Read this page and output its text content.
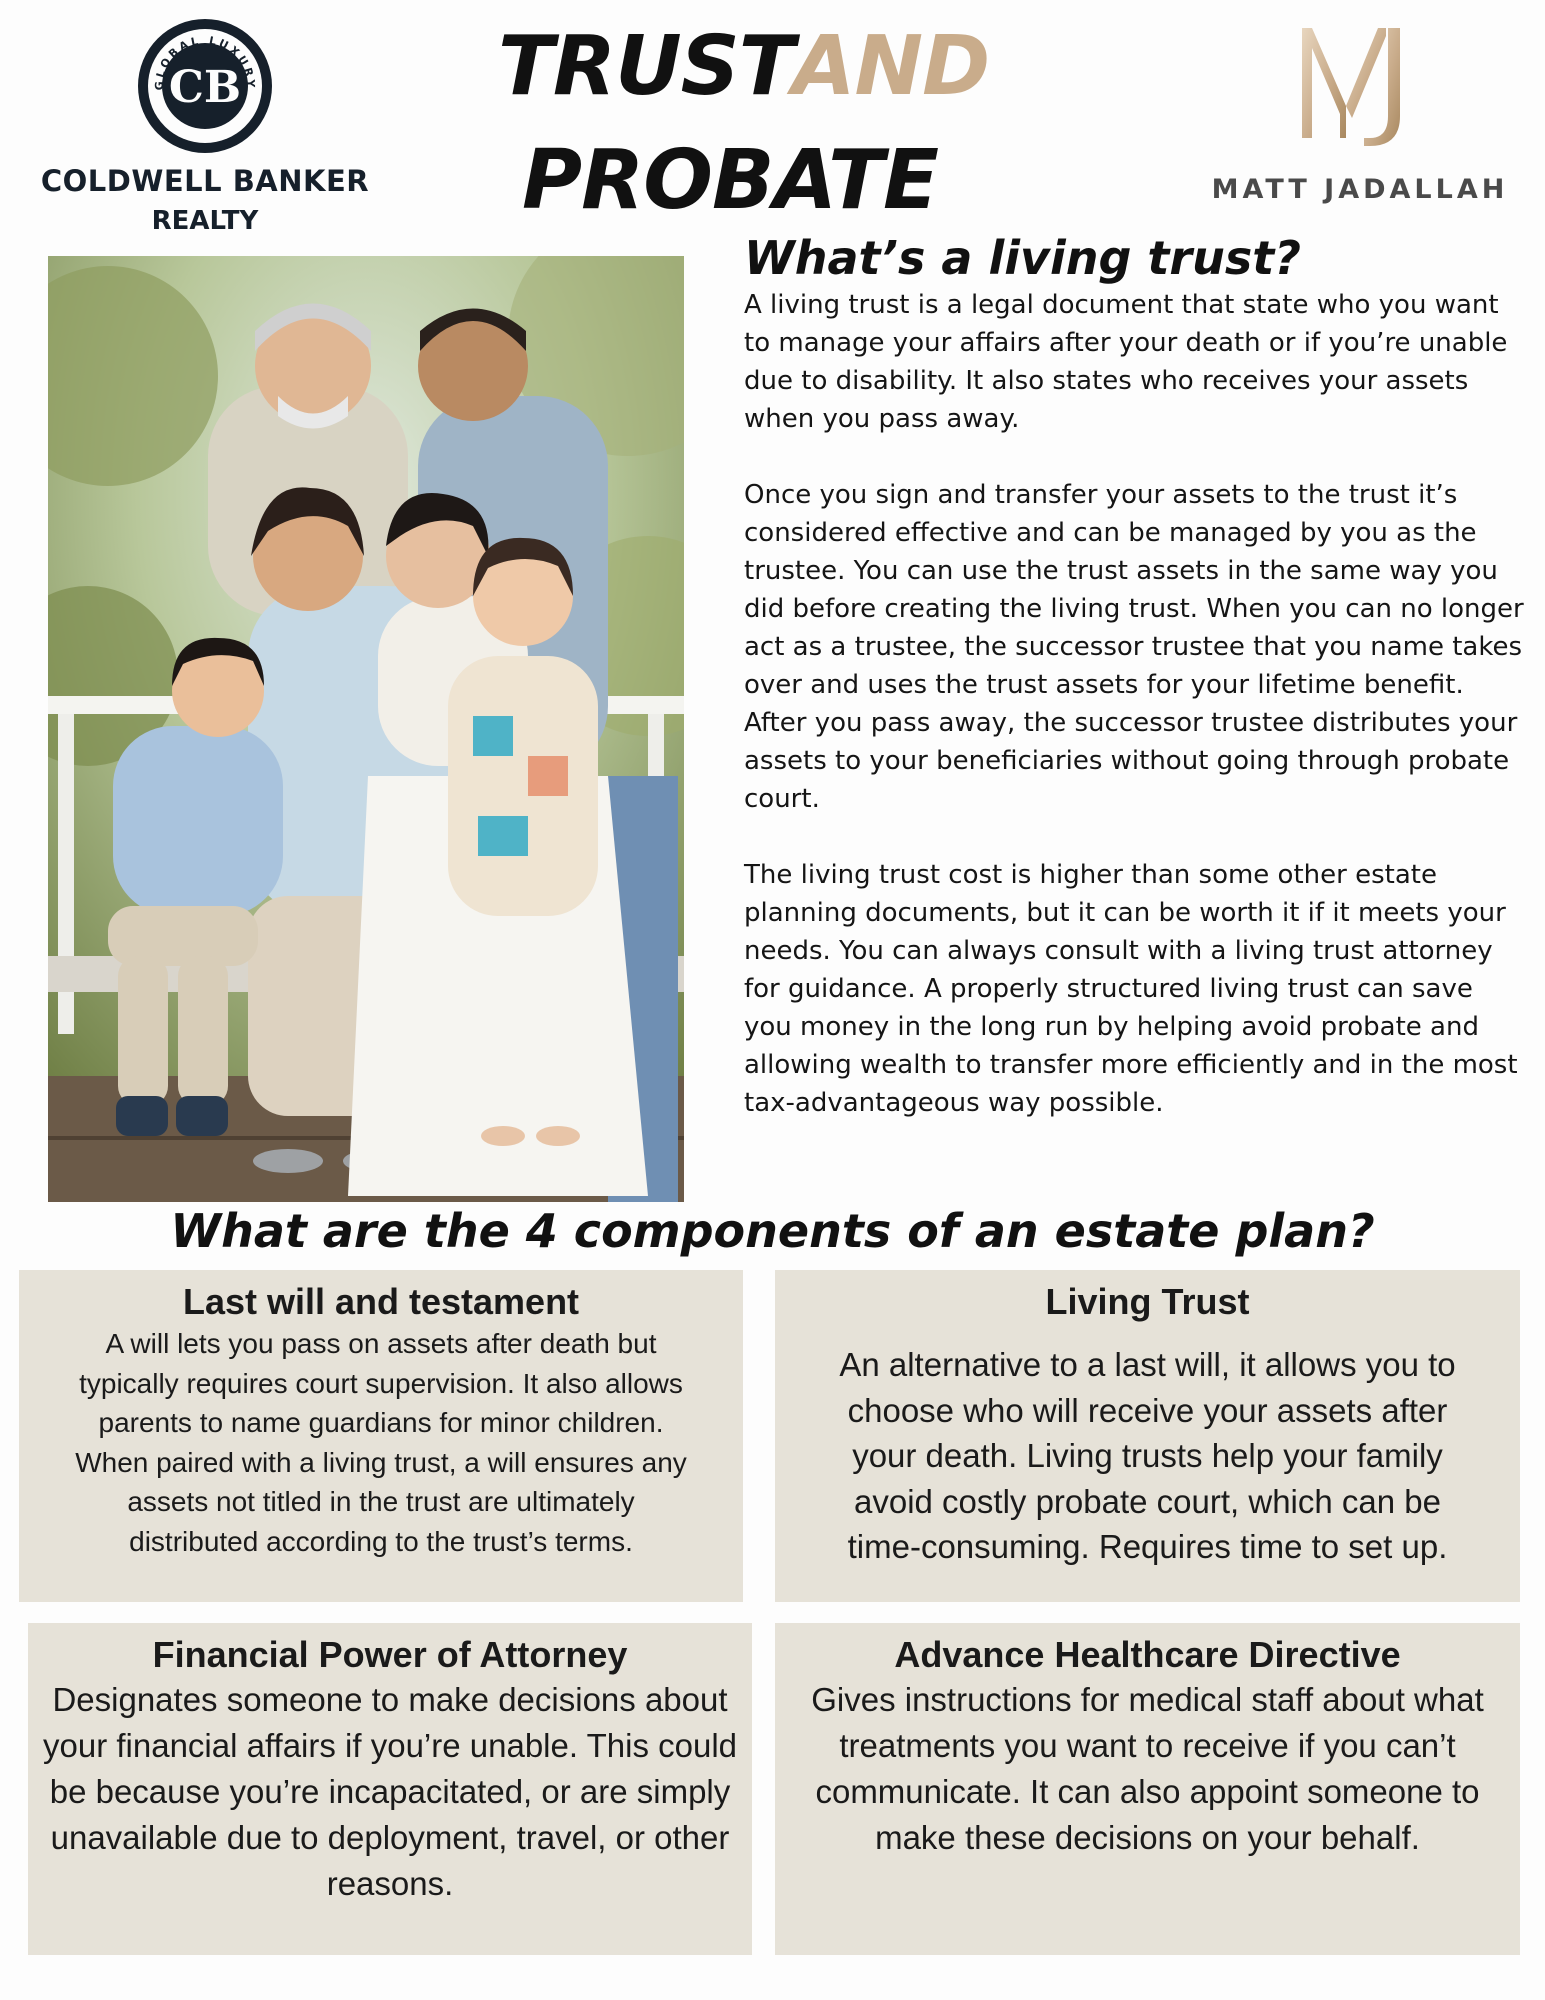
GLOBAL LUXURY
CB
COLDWELL BANKER
REALTY
TRUST
AND
PROBATE	MATT JADALLAH
What’s a living trust?

A living trust is a legal document that state who you want to manage your affairs after your death or if you’re unable due to disability. It also states who receives your assets when you pass away.

Once you sign and transfer your assets to the trust it’s considered effective and can be managed by you as the trustee. You can use the trust assets in the same way you did before creating the living trust. When you can no longer act as a trustee, the successor trustee that you name takes over and uses the trust assets for your lifetime benefit. After you pass away, the successor trustee distributes your assets to your beneficiaries without going through probate court.

The living trust cost is higher than some other estate planning documents, but it can be worth it if it meets your needs. You can always consult with a living trust attorney for guidance. A properly structured living trust can save you money in the long run by helping avoid probate and allowing wealth to transfer more efficiently and in the most tax-advantageous way possible.

What are the 4 components of an estate plan?
Last will and testament

A will lets you pass on assets after death but typically requires court supervision. It also allows parents to name guardians for minor children. When paired with a living trust, a will ensures any assets not titled in the trust are ultimately distributed according to the trust’s terms.

Living Trust

An alternative to a last will, it allows you to choose who will receive your assets after your death. Living trusts help your family avoid costly probate court, which can be time-consuming. Requires time to set up.

Financial Power of Attorney

Designates someone to make decisions about your financial affairs if you’re unable. This could be because you’re incapacitated, or are simply unavailable due to deployment, travel, or other reasons.

Advance Healthcare Directive

Gives instructions for medical staff about what treatments you want to receive if you can’t communicate. It can also appoint someone to make these decisions on your behalf.
